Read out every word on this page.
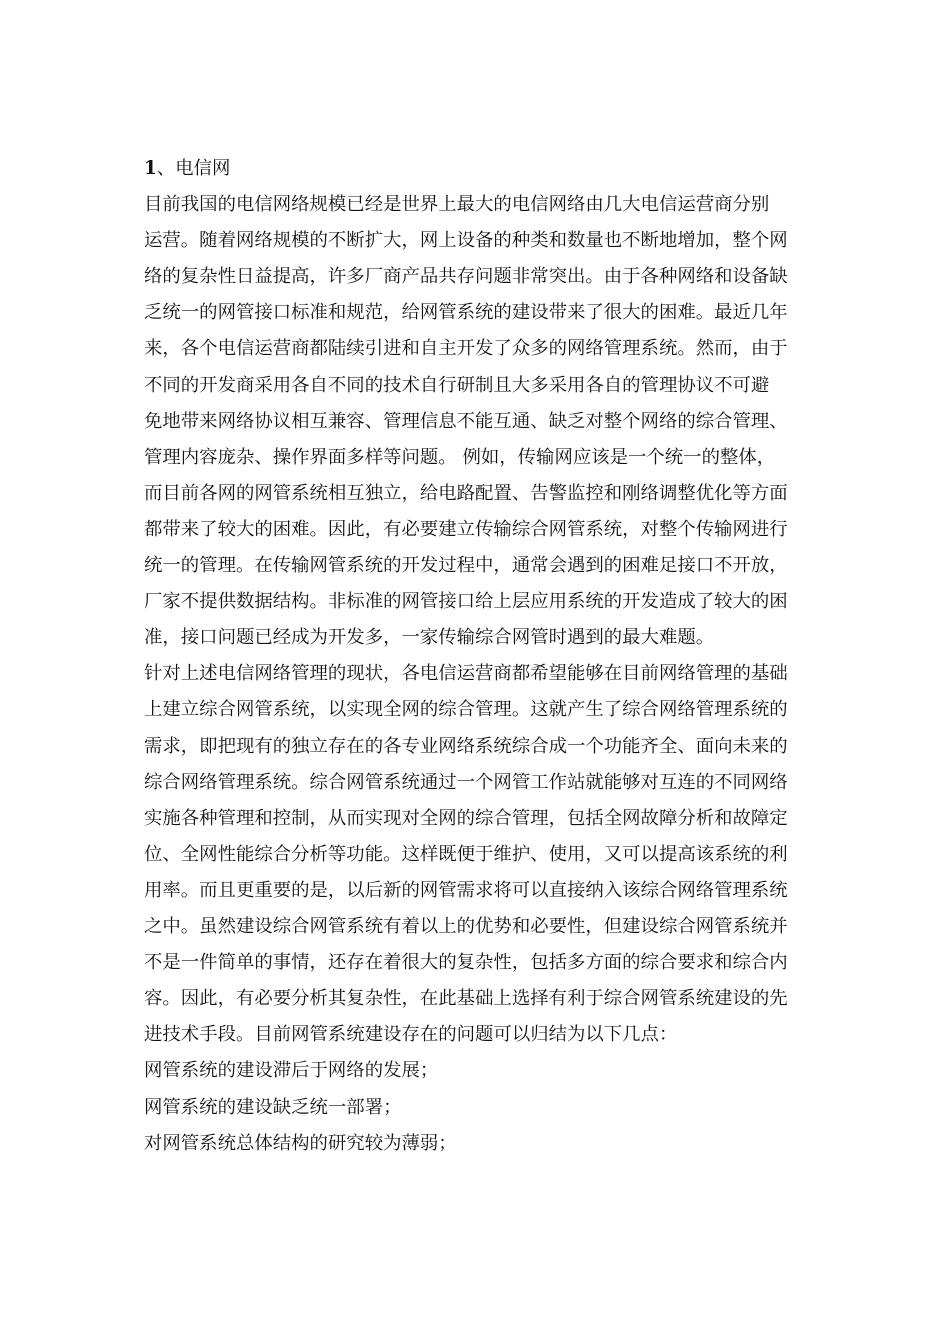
1、电信网
目前我国的电信网络规模已经是世界上最大的电信网络由几大电信运营商分别
运营。随着网络规模的不断扩大，网上设备的种类和数量也不断地增加，整个网
络的复杂性日益提高，许多厂商产品共存问题非常突出。由于各种网络和设备缺
乏统一的网管接口标准和规范，给网管系统的建设带来了很大的困难。最近几年
来，各个电信运营商都陆续引进和自主开发了众多的网络管理系统。然而，由于
不同的开发商采用各自不同的技术自行研制且大多采用各自的管理协议不可避
免地带来网络协议相互兼容、管理信息不能互通、缺乏对整个网络的综合管理、
管理内容庞杂、操作界面多样等问题。 例如，传输网应该是一个统一的整体，
而目前各网的网管系统相互独立，给电路配置、告警监控和刚络调整优化等方面
都带来了较大的困难。因此，有必要建立传输综合网管系统，对整个传输网进行
统一的管理。在传输网管系统的开发过程中，通常会遇到的困难足接口不开放，
厂家不提供数据结构。非标准的网管接口给上层应用系统的开发造成了较大的困
准，接口问题已经成为开发多，一家传输综合网管时遇到的最大难题。
针对上述电信网络管理的现状，各电信运营商都希望能够在目前网络管理的基础
上建立综合网管系统，以实现全网的综合管理。这就产生了综合网络管理系统的
需求，即把现有的独立存在的各专业网络系统综合成一个功能齐全、面向未来的
综合网络管理系统。综合网管系统通过一个网管工作站就能够对互连的不同网络
实施各种管理和控制，从而实现对全网的综合管理，包括全网故障分析和故障定
位、全网性能综合分析等功能。这样既便于维护、使用，又可以提高该系统的利
用率。而且更重要的是，以后新的网管需求将可以直接纳入该综合网络管理系统
之中。虽然建设综合网管系统有着以上的优势和必要性，但建设综合网管系统并
不是一件简单的事情，还存在着很大的复杂性，包括多方面的综合要求和综合内
容。因此，有必要分析其复杂性，在此基础上选择有利于综合网管系统建设的先
进技术手段。目前网管系统建设存在的问题可以归结为以下几点：
网管系统的建设滞后于网络的发展；
网管系统的建设缺乏统一部署；
对网管系统总体结构的研究较为薄弱；
